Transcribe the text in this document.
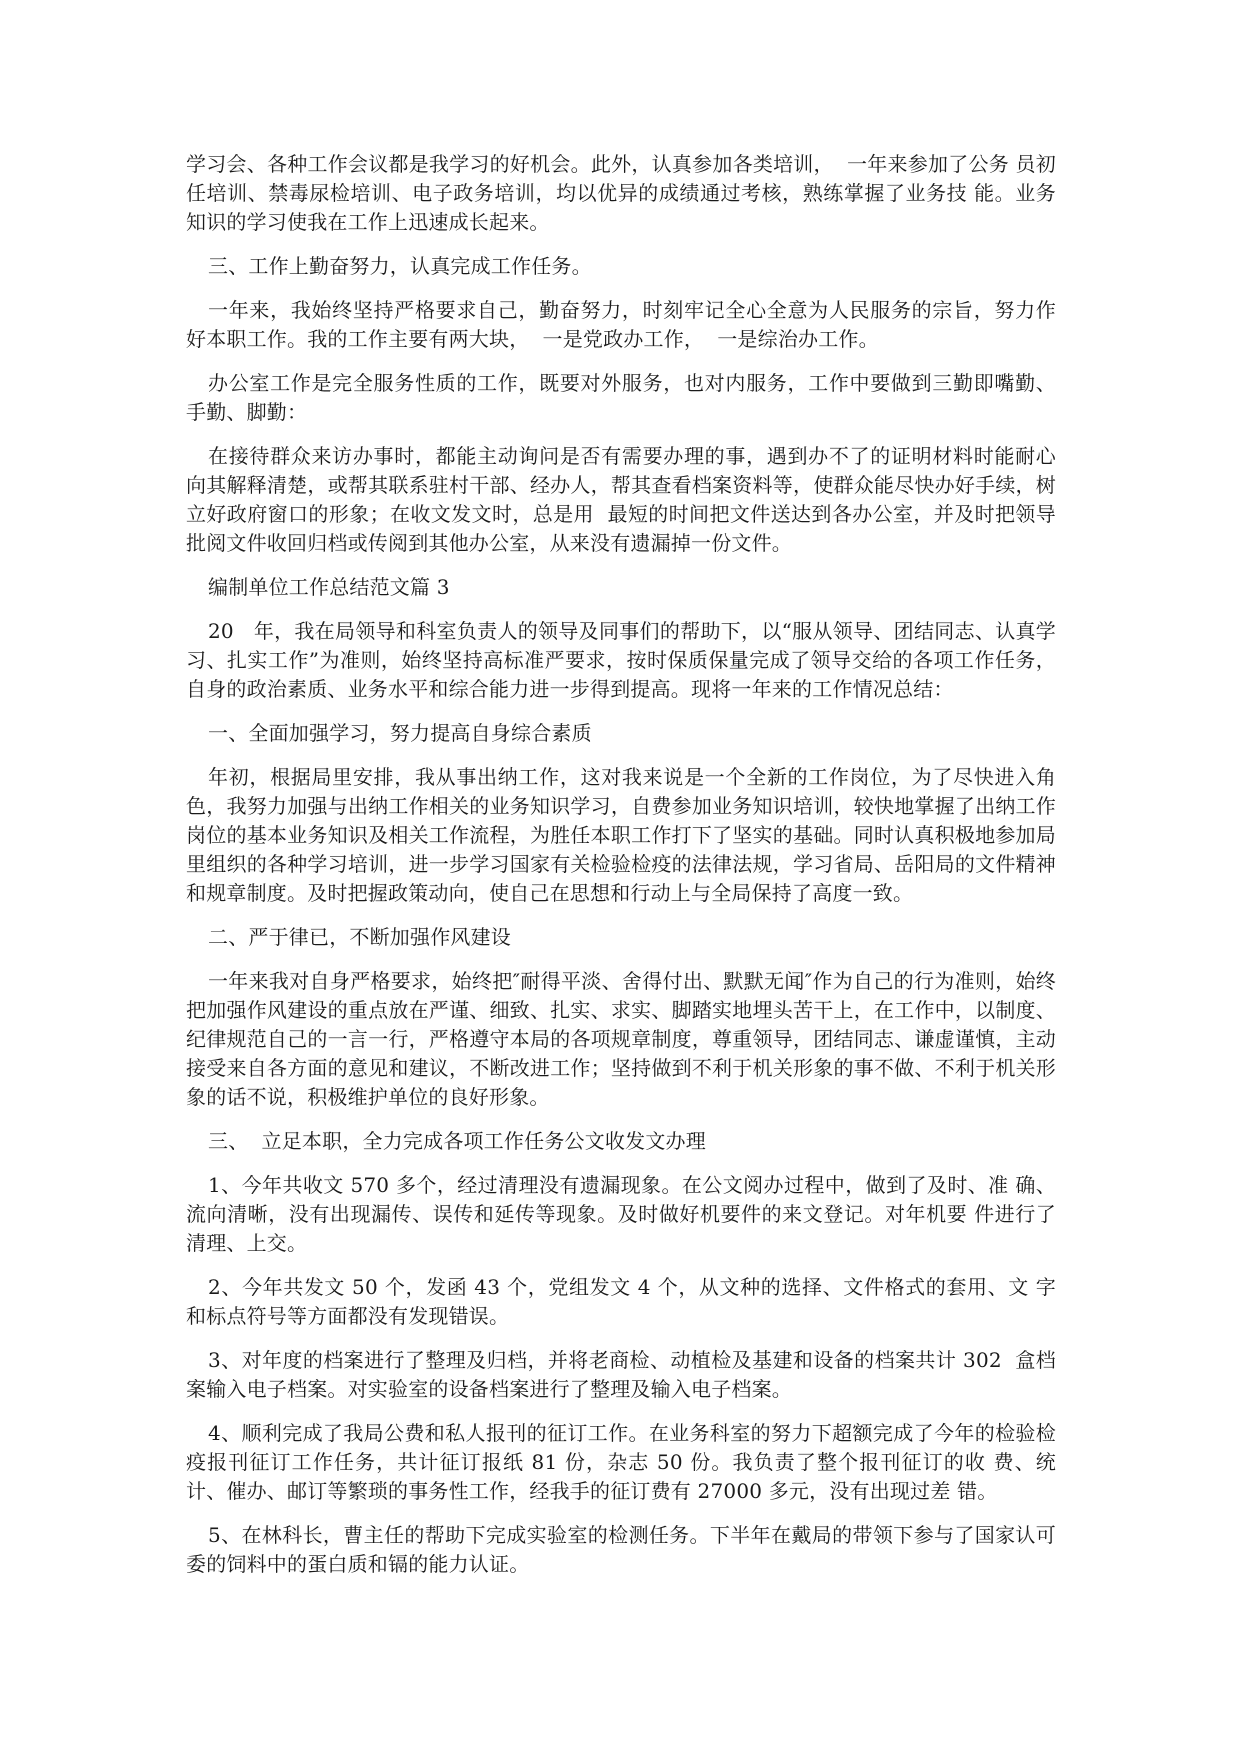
学习会、各种工作会议都是我学习的好机会。此外，认真参加各类培训，  一年来参加了公务 员初任培训、禁毒尿检培训、电子政务培训，均以优异的成绩通过考核，熟练掌握了业务技 能。业务知识的学习使我在工作上迅速成长起来。

三、工作上勤奋努力，认真完成工作任务。

一年来，我始终坚持严格要求自己，勤奋努力，时刻牢记全心全意为人民服务的宗旨，努力作好本职工作。我的工作主要有两大块，  一是党政办工作，  一是综治办工作。

办公室工作是完全服务性质的工作，既要对外服务，也对内服务，工作中要做到三勤即嘴勤、手勤、脚勤：

在接待群众来访办事时，都能主动询问是否有需要办理的事，遇到办不了的证明材料时能耐心向其解释清楚，或帮其联系驻村干部、经办人，帮其查看档案资料等，使群众能尽快办好手续，树立好政府窗口的形象；在收文发文时，总是用  最短的时间把文件送达到各办公室，并及时把领导批阅文件收回归档或传阅到其他办公室，从来没有遗漏掉一份文件。

编制单位工作总结范文篇 3

20   年，我在局领导和科室负责人的领导及同事们的帮助下，以“服从领导、团结同志、认真学习、扎实工作”为准则，始终坚持高标准严要求，按时保质保量完成了领导交给的各项工作任务，自身的政治素质、业务水平和综合能力进一步得到提高。现将一年来的工作情况总结：

一、全面加强学习，努力提高自身综合素质

年初，根据局里安排，我从事出纳工作，这对我来说是一个全新的工作岗位，为了尽快进入角色，我努力加强与出纳工作相关的业务知识学习，自费参加业务知识培训，较快地掌握了出纳工作岗位的基本业务知识及相关工作流程，为胜任本职工作打下了坚实的基础。同时认真积极地参加局里组织的各种学习培训，进一步学习国家有关检验检疫的法律法规，学习省局、岳阳局的文件精神和规章制度。及时把握政策动向，使自己在思想和行动上与全局保持了高度一致。

二、严于律已，不断加强作风建设

一年来我对自身严格要求，始终把″耐得平淡、舍得付出、默默无闻″作为自己的行为准则，始终把加强作风建设的重点放在严谨、细致、扎实、求实、脚踏实地埋头苦干上，在工作中，以制度、纪律规范自己的一言一行，严格遵守本局的各项规章制度，尊重领导，团结同志、谦虚谨慎，主动接受来自各方面的意见和建议，不断改进工作；坚持做到不利于机关形象的事不做、不利于机关形象的话不说，积极维护单位的良好形象。

三、  立足本职，全力完成各项工作任务公文收发文办理

1、今年共收文 570 多个，经过清理没有遗漏现象。在公文阅办过程中，做到了及时、准 确、流向清晰，没有出现漏传、误传和延传等现象。及时做好机要件的来文登记。对年机要 件进行了清理、上交。

2、今年共发文 50 个，发函 43 个，党组发文 4 个，从文种的选择、文件格式的套用、文 字和标点符号等方面都没有发现错误。

3、对年度的档案进行了整理及归档，并将老商检、动植检及基建和设备的档案共计 302  盒档案输入电子档案。对实验室的设备档案进行了整理及输入电子档案。

4、顺利完成了我局公费和私人报刊的征订工作。在业务科室的努力下超额完成了今年的检验检疫报刊征订工作任务，共计征订报纸 81 份，杂志 50 份。我负责了整个报刊征订的收 费、统计、催办、邮订等繁琐的事务性工作，经我手的征订费有 27000 多元，没有出现过差 错。

5、在林科长，曹主任的帮助下完成实验室的检测任务。下半年在戴局的带领下参与了国家认可委的饲料中的蛋白质和镉的能力认证。
